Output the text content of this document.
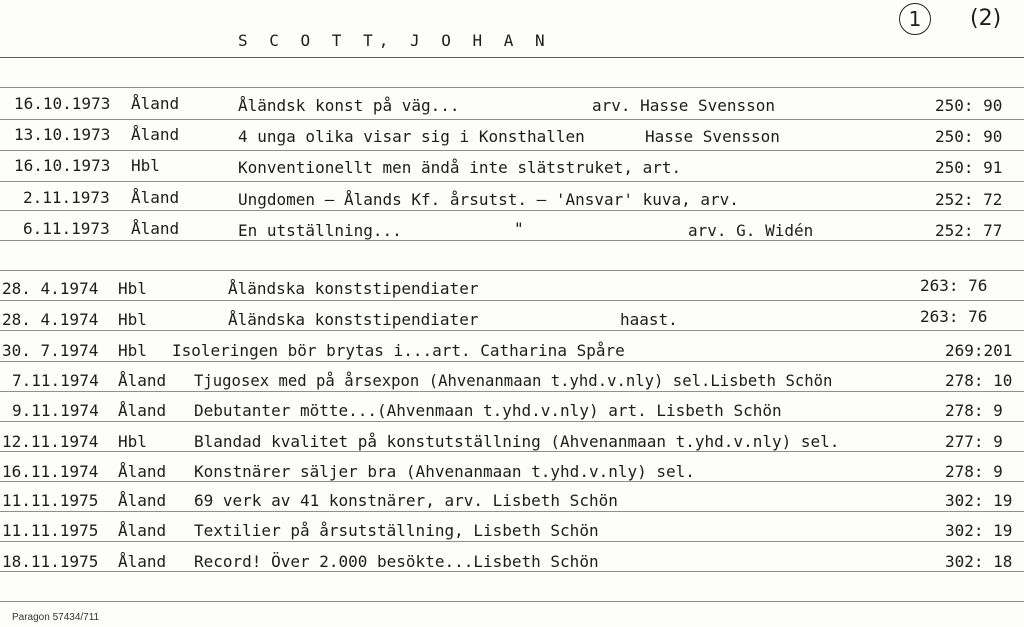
S C O T T, J O H A N
1	(2)
16.10.1973 Åland	Åländsk konst på väg...	arv. Hasse Svensson	250: 90
13.10.1973 Åland	4 unga olika visar sig i Konsthallen	Hasse Svensson	250: 90
16.10.1973 Hbl	Konventionellt men ändå inte slätstruket, art.	250: 91
2.11.1973 Åland	Ungdomen – Ålands Kf. årsutst. – 'Ansvar' kuva, arv.	252: 72
6.11.1973 Åland	En utställning...	"	arv. G. Widén	252: 77
28. 4.1974 Hbl	Åländska konststipendiater	263: 76
28. 4.1974 Hbl	Åländska konststipendiater	haast.	263: 76
30. 7.1974 Hbl Isoleringen bör brytas i...art. Catharina Spåre	269:201
7.11.1974 Åland Tjugosex med på årsexpon (Ahvenanmaan t.yhd.v.nly) sel.Lisbeth Schön	278: 10
9.11.1974 Åland Debutanter mötte...(Ahvenmaan t.yhd.v.nly) art. Lisbeth Schön	278: 9
12.11.1974 Hbl	Blandad kvalitet på konstutställning (Ahvenanmaan t.yhd.v.nly) sel.	277: 9
16.11.1974 Åland Konstnärer säljer bra (Ahvenanmaan t.yhd.v.nly) sel.	278: 9
11.11.1975 Åland 69 verk av 41 konstnärer, arv. Lisbeth Schön	302: 19
11.11.1975 Åland Textilier på årsutställning, Lisbeth Schön	302: 19
18.11.1975 Åland Record! Över 2.000 besökte...Lisbeth Schön	302: 18
Paragon 57434/711
